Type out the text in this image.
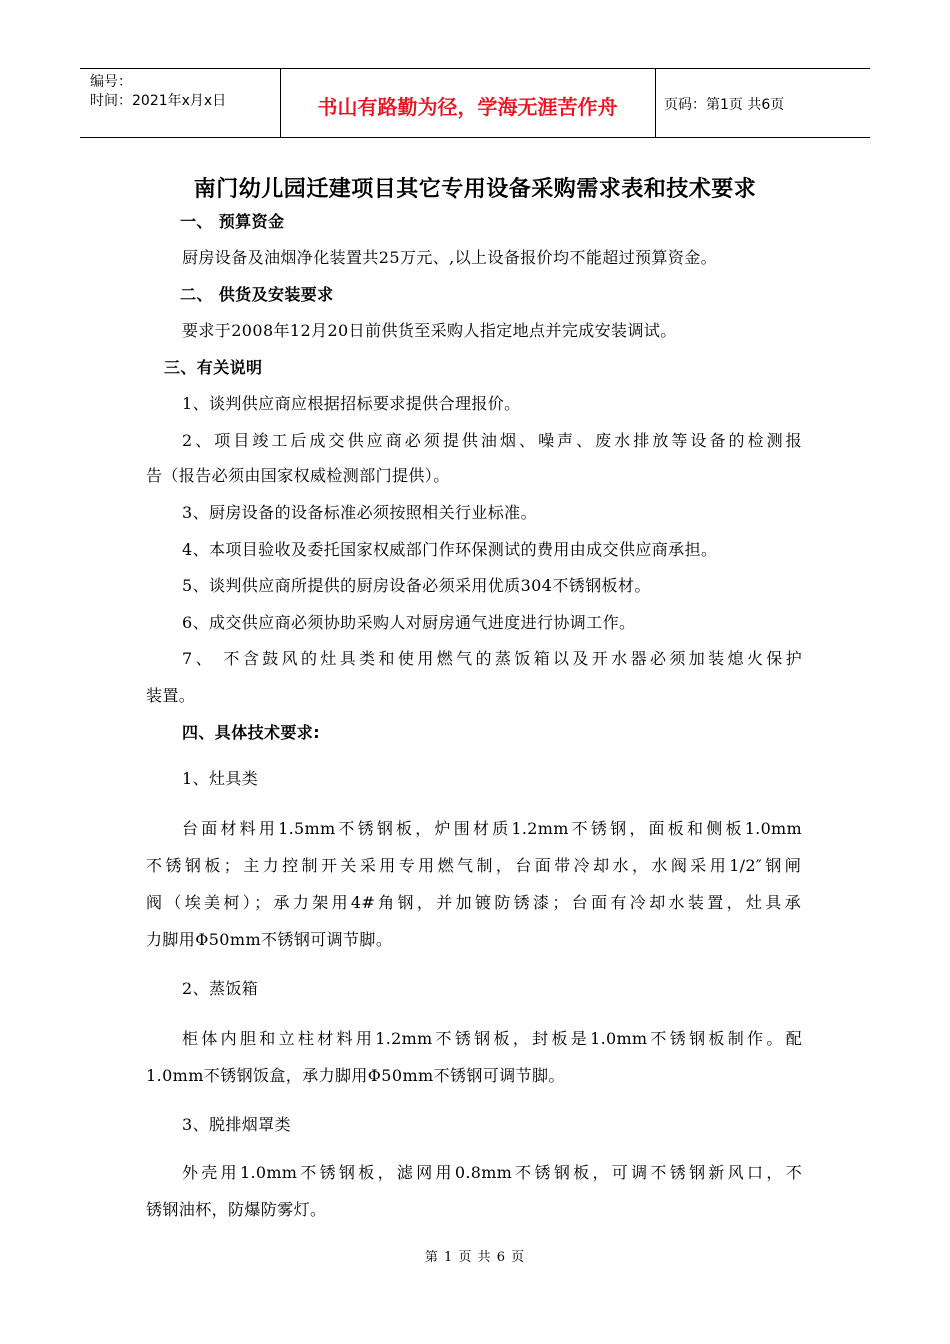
编号：
时间：2021年x月x日	书山有路勤为径，学海无涯苦作舟	页码：第1页 共6页
南门幼儿园迁建项目其它专用设备采购需求表和技术要求
一、 预算资金
厨房设备及油烟净化装置共25万元、,以上设备报价均不能超过预算资金。
二、 供货及安装要求
要求于2008年12月20日前供货至采购人指定地点并完成安装调试。
三、有关说明
1、谈判供应商应根据招标要求提供合理报价。
2、项目竣工后成交供应商必须提供油烟、噪声、废水排放等设备的检测报
告（报告必须由国家权威检测部门提供）。
3、厨房设备的设备标准必须按照相关行业标准。
4、本项目验收及委托国家权威部门作环保测试的费用由成交供应商承担。
5、谈判供应商所提供的厨房设备必须采用优质304不锈钢板材。
6、成交供应商必须协助采购人对厨房通气进度进行协调工作。
7、 不含鼓风的灶具类和使用燃气的蒸饭箱以及开水器必须加装熄火保护
装置。
四、具体技术要求:
1、灶具类
台面材料用1.5mm不锈钢板，炉围材质1.2mm不锈钢，面板和侧板1.0mm
不锈钢板；主力控制开关采用专用燃气制，台面带冷却水，水阀采用1/2″钢闸
阀（埃美柯）；承力架用4#角钢，并加镀防锈漆；台面有冷却水装置，灶具承
力脚用Φ50mm不锈钢可调节脚。
2、蒸饭箱
柜体内胆和立柱材料用1.2mm不锈钢板，封板是1.0mm不锈钢板制作。配
1.0mm不锈钢饭盒，承力脚用Φ50mm不锈钢可调节脚。
3、脱排烟罩类
外壳用1.0mm不锈钢板，滤网用0.8mm不锈钢板，可调不锈钢新风口，不
锈钢油杯，防爆防雾灯。
第 1 页 共 6 页
